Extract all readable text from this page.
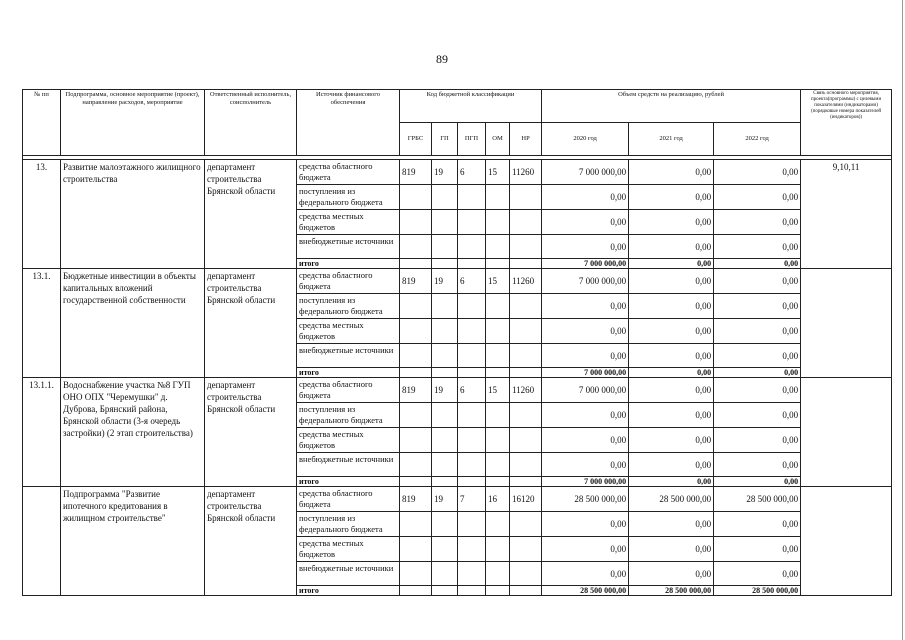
89
№ пп	Подпрограмма, основное мероприятие (проект), направление расходов, мероприятие	Ответственный исполнитель, соисполнитель	Источник финансового обеспечения	Код бюджетной классификации					Объем средств на реализацию, рублей			Связь основного мероприятия, проекта(программы) с целевыми показателями (индикаторами) (порядковые номера показателей (индикаторов))
				ГРБС	ГП	ПГП	ОМ	НР	2020 год	2021 год	2022 год	

13.	Развитие малоэтажного жилищного строительства	департамент строительства Брянской области	средства областного бюджета	819	19	6	15	11260	7 000 000,00	0,00	0,00	9,10,11
			поступления из федерального бюджета						0,00	0,00	0,00	
			средства местных бюджетов						0,00	0,00	0,00	
			внебюджетные источники						0,00	0,00	0,00	
			итого						7 000 000,00	0,00	0,00	
13.1.	Бюджетные инвестиции в объекты капитальных вложений государственной собственности	департамент строительства Брянской области	средства областного бюджета	819	19	6	15	11260	7 000 000,00	0,00	0,00	
			поступления из федерального бюджета						0,00	0,00	0,00	
			средства местных бюджетов						0,00	0,00	0,00	
			внебюджетные источники						0,00	0,00	0,00	
			итого						7 000 000,00	0,00	0,00	
13.1.1.	Водоснабжение участка №8 ГУП ОНО ОПХ "Черемушки" д. Дуброва, Брянский района, Брянской области (3-я очередь застройки) (2 этап строительства)	департамент строительства Брянской области	средства областного бюджета	819	19	6	15	11260	7 000 000,00	0,00	0,00	
			поступления из федерального бюджета						0,00	0,00	0,00	
			средства местных бюджетов						0,00	0,00	0,00	
			внебюджетные источники						0,00	0,00	0,00	
			итого						7 000 000,00	0,00	0,00	
	Подпрограмма "Развитие ипотечного кредитования в жилищном строительстве"	департамент строительства Брянской области	средства областного бюджета	819	19	7	16	16120	28 500 000,00	28 500 000,00	28 500 000,00	
			поступления из федерального бюджета						0,00	0,00	0,00	
			средства местных бюджетов						0,00	0,00	0,00	
			внебюджетные источники						0,00	0,00	0,00	
			итого						28 500 000,00	28 500 000,00	28 500 000,00	
